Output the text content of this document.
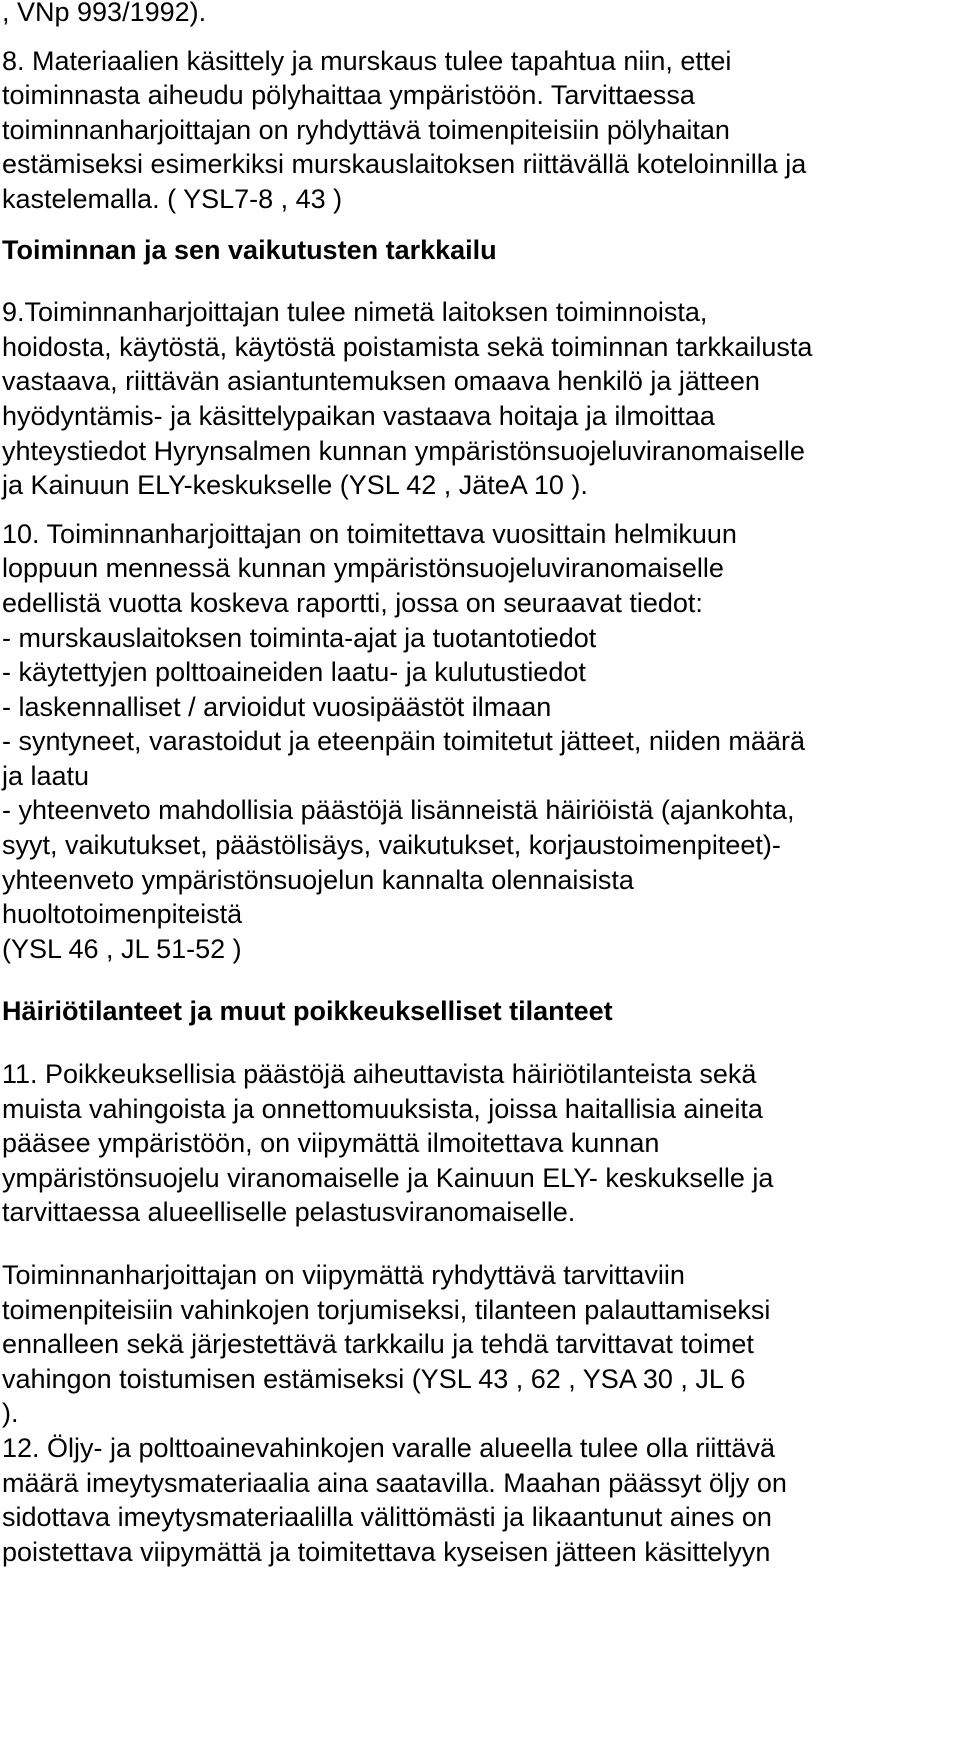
, VNp 993/1992).
8. Materiaalien käsittely ja murskaus tulee tapahtua niin, ettei
toiminnasta aiheudu pölyhaittaa ympäristöön. Tarvittaessa
toiminnanharjoittajan on ryhdyttävä toimenpiteisiin pölyhaitan
estämiseksi esimerkiksi murskauslaitoksen riittävällä koteloinnilla ja
kastelemalla. ( YSL7-8 , 43 )
Toiminnan ja sen vaikutusten tarkkailu
9.Toiminnanharjoittajan tulee nimetä laitoksen toiminnoista,
hoidosta, käytöstä, käytöstä poistamista sekä toiminnan tarkkailusta
vastaava, riittävän asiantuntemuksen omaava henkilö ja jätteen
hyödyntämis- ja käsittelypaikan vastaava hoitaja ja ilmoittaa
yhteystiedot Hyrynsalmen kunnan ympäristönsuojeluviranomaiselle
ja Kainuun ELY-keskukselle (YSL 42 , JäteA 10 ).
10. Toiminnanharjoittajan on toimitettava vuosittain helmikuun
loppuun mennessä kunnan ympäristönsuojeluviranomaiselle
edellistä vuotta koskeva raportti, jossa on seuraavat tiedot:
- murskauslaitoksen toiminta-ajat ja tuotantotiedot
- käytettyjen polttoaineiden laatu- ja kulutustiedot
- laskennalliset / arvioidut vuosipäästöt ilmaan
- syntyneet, varastoidut ja eteenpäin toimitetut jätteet, niiden määrä
ja laatu
- yhteenveto mahdollisia päästöjä lisänneistä häiriöistä (ajankohta,
syyt, vaikutukset, päästölisäys, vaikutukset, korjaustoimenpiteet)-
yhteenveto ympäristönsuojelun kannalta olennaisista
huoltotoimenpiteistä
(YSL 46 , JL 51-52 )
Häiriötilanteet ja muut poikkeukselliset tilanteet
11. Poikkeuksellisia päästöjä aiheuttavista häiriötilanteista sekä
muista vahingoista ja onnettomuuksista, joissa haitallisia aineita
pääsee ympäristöön, on viipymättä ilmoitettava kunnan
ympäristönsuojelu viranomaiselle ja Kainuun ELY- keskukselle ja
tarvittaessa alueelliselle pelastusviranomaiselle.
Toiminnanharjoittajan on viipymättä ryhdyttävä tarvittaviin
toimenpiteisiin vahinkojen torjumiseksi, tilanteen palauttamiseksi
ennalleen sekä järjestettävä tarkkailu ja tehdä tarvittavat toimet
vahingon toistumisen estämiseksi (YSL 43 , 62 , YSA 30 , JL 6
).
12. Öljy- ja polttoainevahinkojen varalle alueella tulee olla riittävä
määrä imeytysmateriaalia aina saatavilla. Maahan päässyt öljy on
sidottava imeytysmateriaalilla välittömästi ja likaantunut aines on
poistettava viipymättä ja toimitettava kyseisen jätteen käsittelyyn
